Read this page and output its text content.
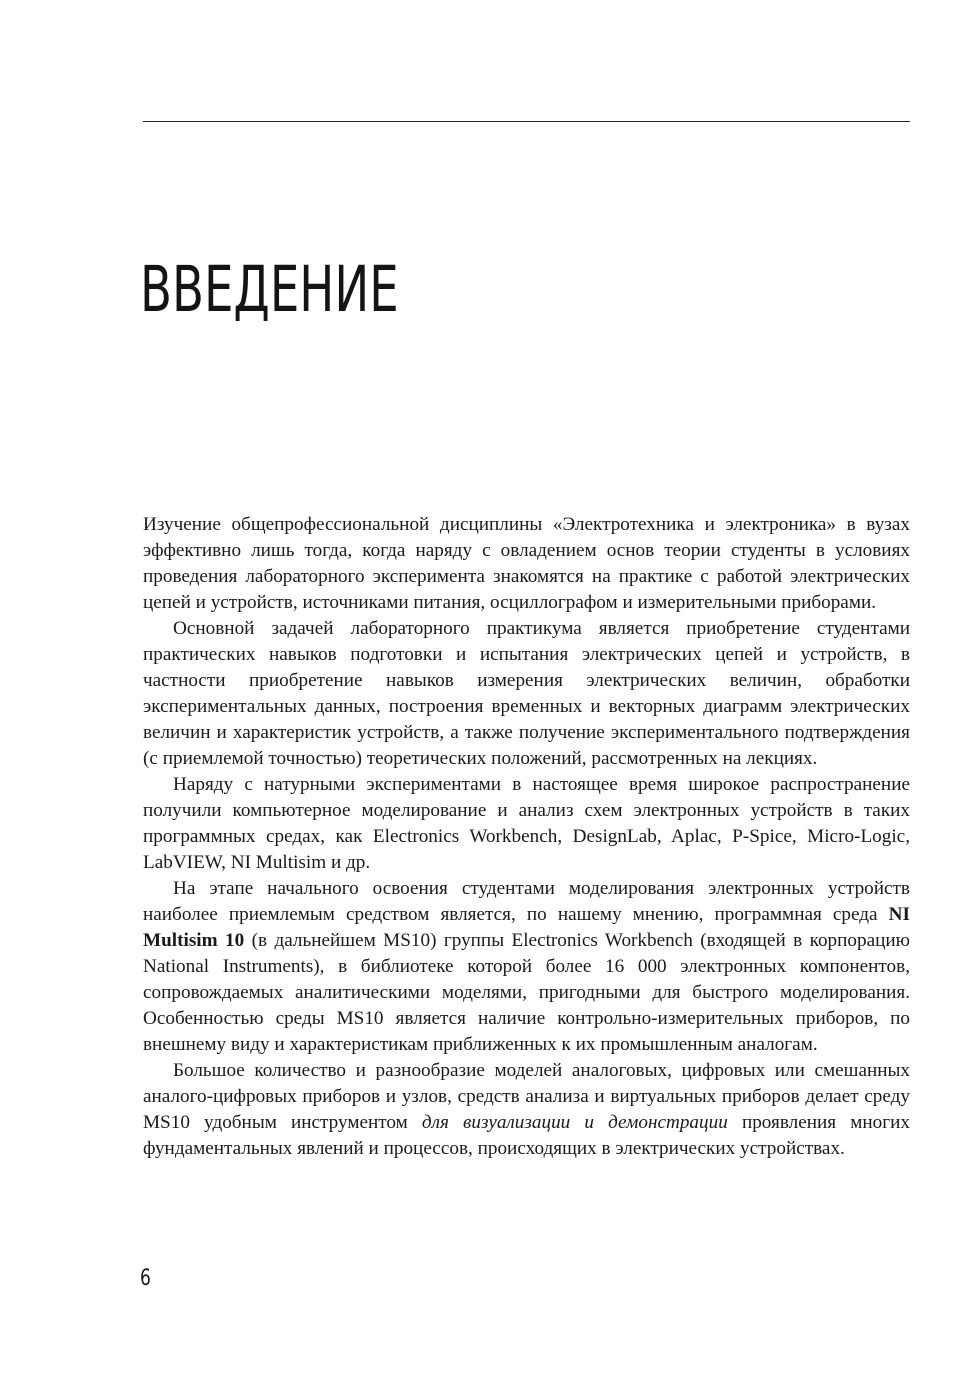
ВВЕДЕНИЕ

Изучение общепрофессиональной дисциплины «Электротехника и электроника» в вузах эффективно лишь тогда, когда наряду с овладением основ теории студенты в условиях проведения лабораторного эксперимента знакомятся на практике с работой электрических цепей и устройств, источниками питания, осциллографом и измерительными приборами.

Основной задачей лабораторного практикума является приобретение студентами практических навыков подготовки и испытания электрических цепей и устройств, в частности приобретение навыков измерения электрических величин, обработки экспериментальных данных, построения временных и векторных диаграмм электрических величин и характеристик устройств, а также получение экспериментального подтверждения (с приемлемой точностью) теоретических положений, рассмотренных на лекциях.

Наряду с натурными экспериментами в настоящее время широкое распространение получили компьютерное моделирование и анализ схем электронных устройств в таких программных средах, как Electronics Workbench, DesignLab, Aplac, P-Spice, Micro-Logic, LabVIEW, NI Multisim и др.

На этапе начального освоения студентами моделирования электронных устройств наиболее приемлемым средством является, по нашему мнению, программная среда NI Multisim 10 (в дальнейшем MS10) группы Electronics Workbench (входящей в корпорацию National Instruments), в библиотеке которой более 16 000 электронных компонентов, сопровождаемых аналитическими моделями, пригодными для быстрого моделирования. Особенностью среды MS10 является наличие контрольно-измерительных приборов, по внешнему виду и характеристикам приближенных к их промышленным аналогам.

Большое количество и разнообразие моделей аналоговых, цифровых или смешанных аналого-цифровых приборов и узлов, средств анализа и виртуальных приборов делает среду MS10 удобным инструментом для визуализации и демонстрации проявления многих фундаментальных явлений и процессов, происходящих в электрических устройствах.

6
